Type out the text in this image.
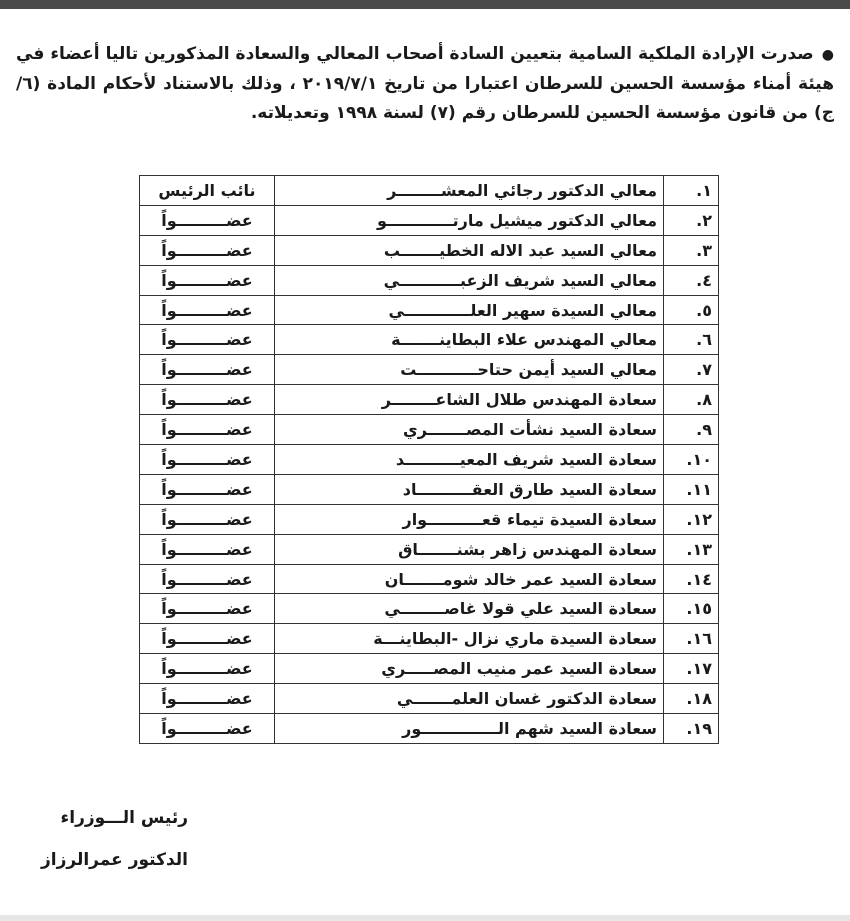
●صدرت الإرادة الملكية السامية بتعيين السادة أصحاب المعالي والسعادة المذكورين تاليا أعضاء في هيئة أمناء مؤسسة الحسين للسرطان اعتبارا من تاريخ ٢٠١٩/٧/١ ، وذلك بالاستناد لأحكام المادة (٦/ج) من قانون مؤسسة الحسين للسرطان رقم (٧) لسنة ١٩٩٨ وتعديلاته.
١.	معالي الدكتور رجائي المعشــــــــر	نائب الرئيس
٢.	معالي الدكتور ميشيل مارتــــــــــــو	عضـــــــــواً
٣.	معالي السيد عبد الاله الخطيـــــــب	عضـــــــــواً
٤.	معالي السيد شريف الزعبـــــــــــي	عضـــــــــواً
٥.	معالي السيدة سهير العلــــــــــــي	عضـــــــــواً
٦.	معالي المهندس علاء البطاينـــــــة	عضـــــــــواً
٧.	معالي السيد أيمن حتاحـــــــــــت	عضـــــــــواً
٨.	سعادة المهندس طلال الشاعــــــــر	عضـــــــــواً
٩.	سعادة السيد نشأت المصـــــــري	عضـــــــــواً
١٠.	سعادة السيد شريف المعيــــــــــد	عضـــــــــواً
١١.	سعادة السيد طارق العقــــــــــاد	عضـــــــــواً
١٢.	سعادة السيدة تيماء قعــــــــــوار	عضـــــــــواً
١٣.	سعادة المهندس زاهر بشنـــــــاق	عضـــــــــواً
١٤.	سعادة السيد عمر خالد شومـــــــان	عضـــــــــواً
١٥.	سعادة السيد علي قولا غاصــــــــي	عضـــــــــواً
١٦.	سعادة السيدة ماري نزال -البطاينـــة	عضـــــــــواً
١٧.	سعادة السيد عمر منيب المصـــــري	عضـــــــــواً
١٨.	سعادة الدكتور غسان العلمـــــــي	عضـــــــــواً
١٩.	سعادة السيد شهم الــــــــــــــور	عضـــــــــواً
رئيس الـــوزراء
الدكتور عمرالرزاز
